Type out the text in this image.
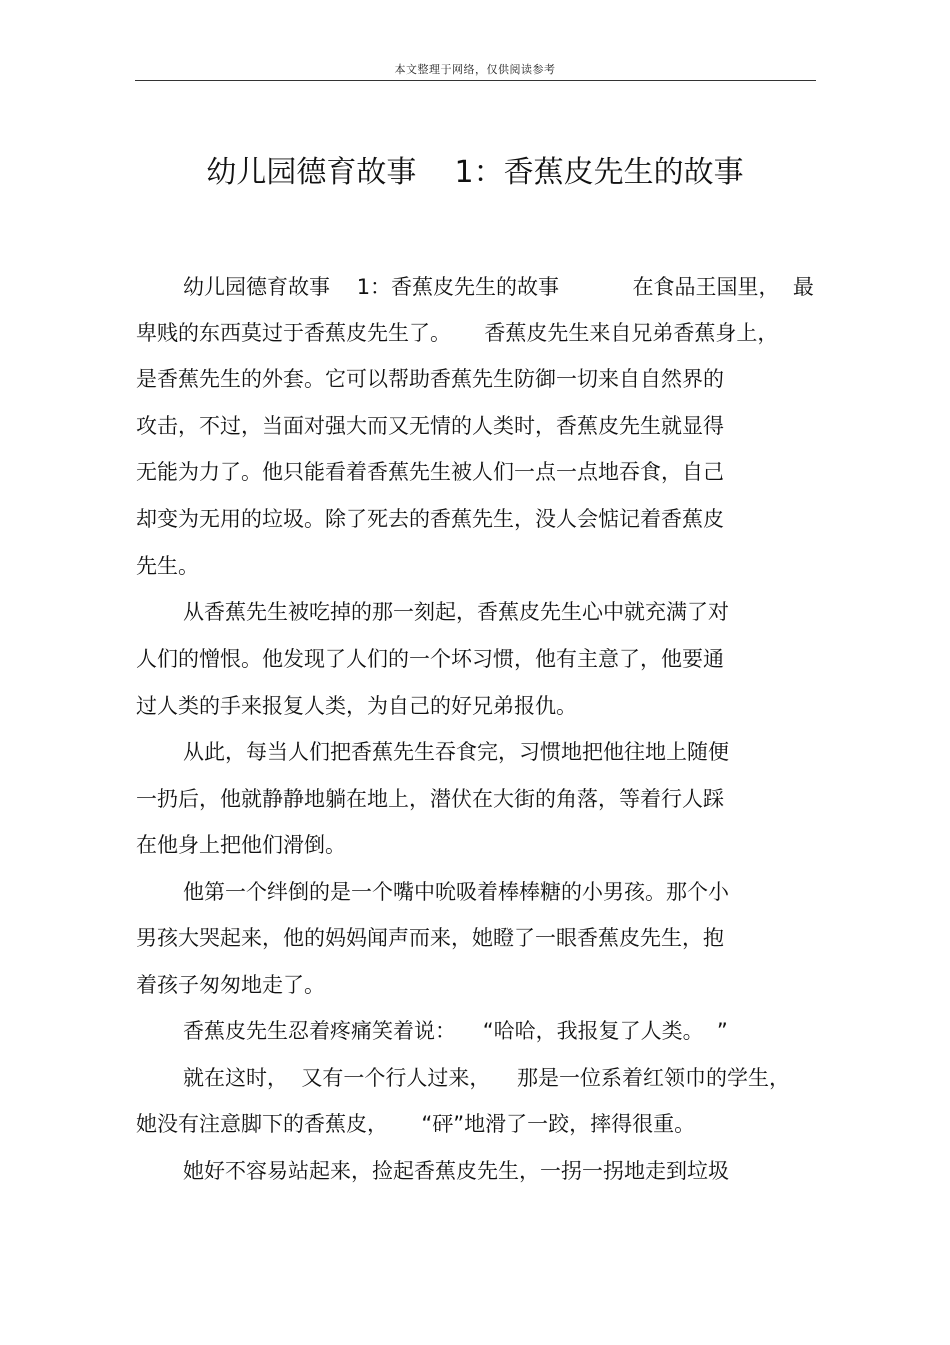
本文整理于网络，仅供阅读参考
幼儿园德育故事    1：香蕉皮先生的故事
幼儿园德育故事    1：香蕉皮先生的故事           在食品王国里，  最
卑贱的东西莫过于香蕉皮先生了。     香蕉皮先生来自兄弟香蕉身上，
是香蕉先生的外套。它可以帮助香蕉先生防御一切来自自然界的
攻击，不过，当面对强大而又无情的人类时，香蕉皮先生就显得
无能为力了。他只能看着香蕉先生被人们一点一点地吞食，自己
却变为无用的垃圾。除了死去的香蕉先生，没人会惦记着香蕉皮
先生。
从香蕉先生被吃掉的那一刻起，香蕉皮先生心中就充满了对
人们的憎恨。他发现了人们的一个坏习惯，他有主意了，他要通
过人类的手来报复人类，为自己的好兄弟报仇。
从此，每当人们把香蕉先生吞食完，习惯地把他往地上随便
一扔后，他就静静地躺在地上，潜伏在大街的角落，等着行人踩
在他身上把他们滑倒。
他第一个绊倒的是一个嘴中吮吸着棒棒糖的小男孩。那个小
男孩大哭起来，他的妈妈闻声而来，她瞪了一眼香蕉皮先生，抱
着孩子匆匆地走了。
香蕉皮先生忍着疼痛笑着说：    “哈哈，我报复了人类。  ”
就在这时，  又有一个行人过来，    那是一位系着红领巾的学生，
她没有注意脚下的香蕉皮，     “砰”地滑了一跤，摔得很重。
她好不容易站起来，捡起香蕉皮先生，一拐一拐地走到垃圾
